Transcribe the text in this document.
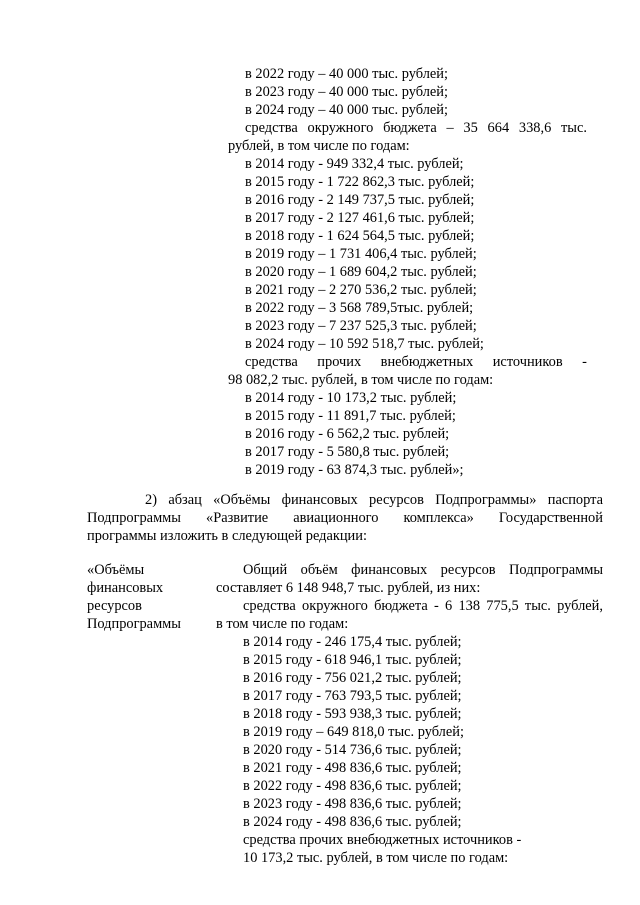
в 2022 году – 40 000 тыс. рублей;
в 2023 году – 40 000 тыс. рублей;
в 2024 году – 40 000 тыс. рублей;
средства окружного бюджета – 35 664 338,6 тыс.
рублей, в том числе по годам:
в 2014 году - 949 332,4 тыс. рублей;
в 2015 году - 1 722 862,3 тыс. рублей;
в 2016 году - 2 149 737,5 тыс. рублей;
в 2017 году - 2 127 461,6 тыс. рублей;
в 2018 году - 1 624 564,5 тыс. рублей;
в 2019 году – 1 731 406,4 тыс. рублей;
в 2020 году – 1 689 604,2 тыс. рублей;
в 2021 году – 2 270 536,2 тыс. рублей;
в 2022 году – 3 568 789,5тыс. рублей;
в 2023 году – 7 237 525,3 тыс. рублей;
в 2024 году – 10 592 518,7 тыс. рублей;
средства прочих внебюджетных источников -
98 082,2 тыс. рублей, в том числе по годам:
в 2014 году - 10 173,2 тыс. рублей;
в 2015 году - 11 891,7 тыс. рублей;
в 2016 году - 6 562,2 тыс. рублей;
в 2017 году - 5 580,8 тыс. рублей;
в 2019 году - 63 874,3 тыс. рублей»;
2) абзац «Объёмы финансовых ресурсов Подпрограммы» паспорта
Подпрограммы «Развитие авиационного комплекса» Государственной
программы изложить в следующей редакции:
«Объёмы
финансовых
ресурсов
Подпрограммы
Общий объём финансовых ресурсов Подпрограммы
составляет 6 148 948,7 тыс. рублей, из них:
средства окружного бюджета - 6 138 775,5 тыс. рублей,
в том числе по годам:
в 2014 году - 246 175,4 тыс. рублей;
в 2015 году - 618 946,1 тыс. рублей;
в 2016 году - 756 021,2 тыс. рублей;
в 2017 году - 763 793,5 тыс. рублей;
в 2018 году - 593 938,3 тыс. рублей;
в 2019 году – 649 818,0 тыс. рублей;
в 2020 году - 514 736,6 тыс. рублей;
в 2021 году - 498 836,6 тыс. рублей;
в 2022 году - 498 836,6 тыс. рублей;
в 2023 году - 498 836,6 тыс. рублей;
в 2024 году - 498 836,6 тыс. рублей;
средства прочих внебюджетных источников -
10 173,2 тыс. рублей, в том числе по годам:
